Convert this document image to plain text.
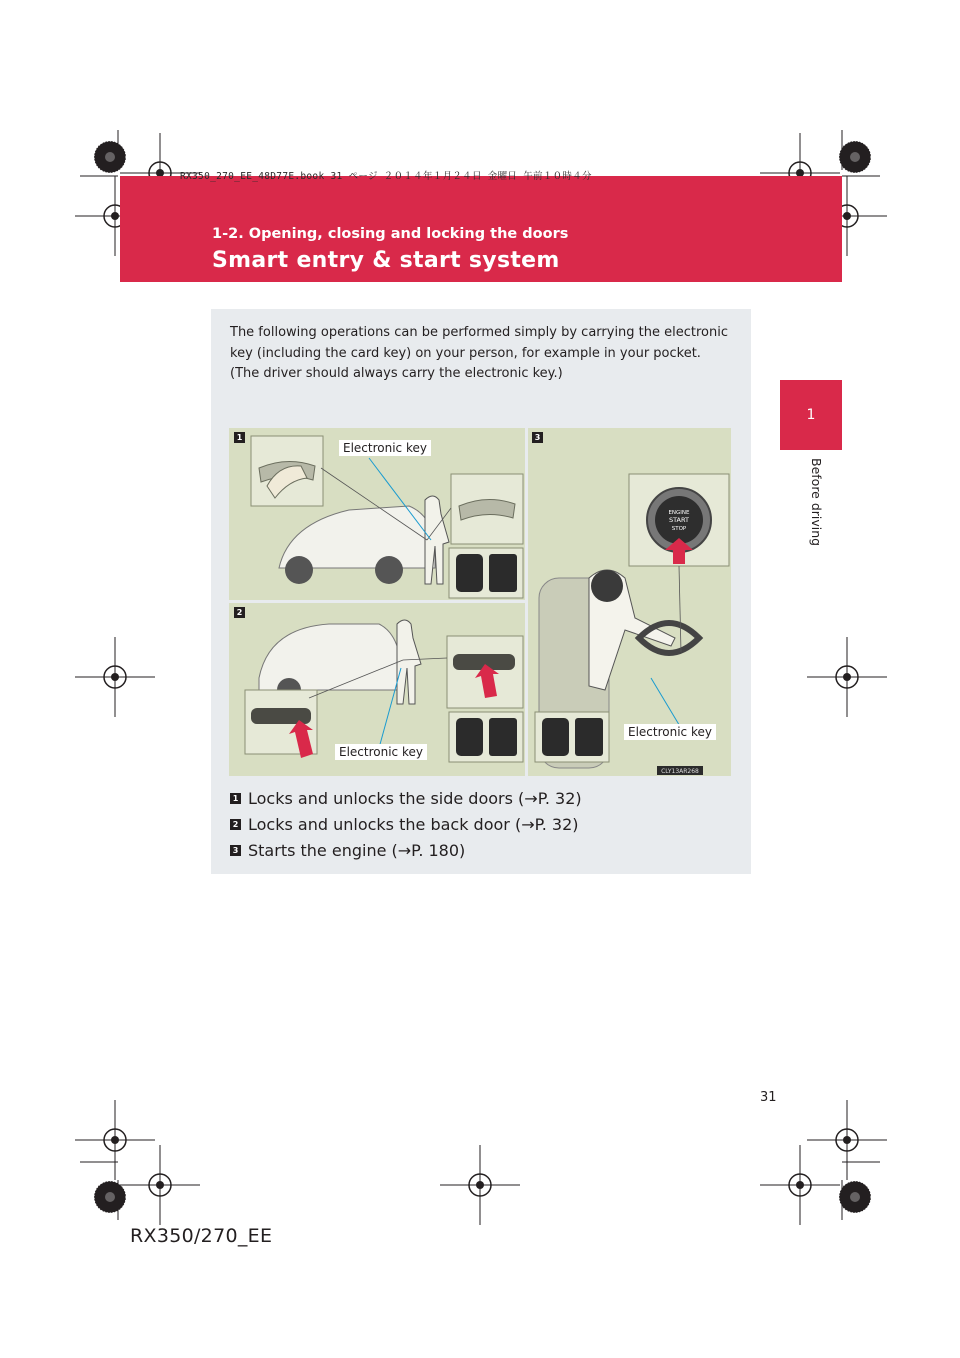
RX350_270_EE_48D77E.book 31 ページ ２０１４年１月２４日 金曜日 午前１０時４分
1-2. Opening, closing and locking the doors
Smart entry & start system
1
Before driving

The following operations can be performed simply by carrying the electronic key (including the card key) on your person, for example in your pocket.

(The driver should always carry the electronic key.)

ENGINE
START
STOP
CLY13AR268
1
2
3
Electronic key
Electronic key
Electronic key
1 Locks and unlocks the side doors (→P. 32)
2 Locks and unlocks the back door (→P. 32)
3 Starts the engine (→P. 180)
31
RX350/270_EE
